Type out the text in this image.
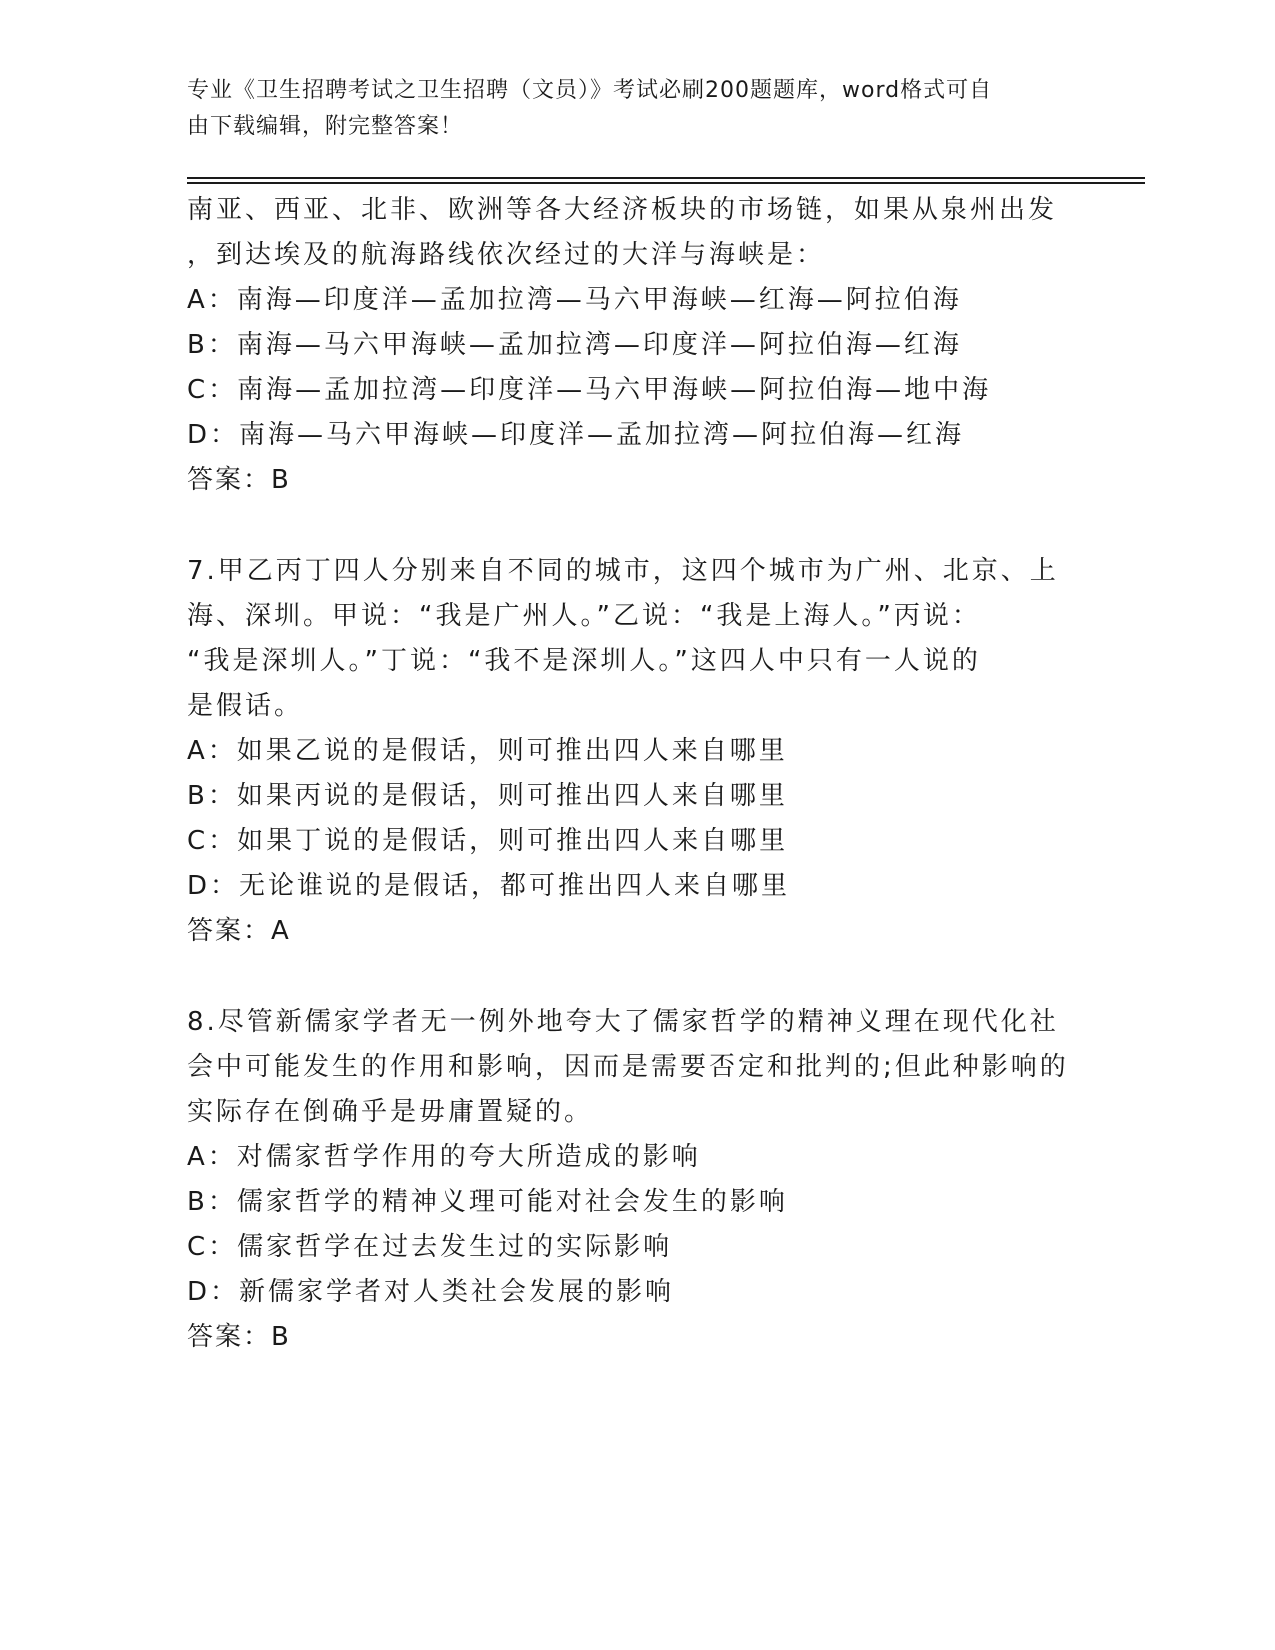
专业《卫生招聘考试之卫生招聘（文员）》考试必刷200题题库，word格式可自
由下载编辑，附完整答案！
南亚、西亚、北非、欧洲等各大经济板块的市场链，如果从泉州出发
，到达埃及的航海路线依次经过的大洋与海峡是：
A：南海—印度洋—孟加拉湾—马六甲海峡—红海—阿拉伯海
B：南海—马六甲海峡—孟加拉湾—印度洋—阿拉伯海—红海
C：南海—孟加拉湾—印度洋—马六甲海峡—阿拉伯海—地中海
D：南海—马六甲海峡—印度洋—孟加拉湾—阿拉伯海—红海
答案：B
7.甲乙丙丁四人分别来自不同的城市，这四个城市为广州、北京、上
海、深圳。甲说：“我是广州人。”乙说：“我是上海人。”丙说：
“我是深圳人。”丁说：“我不是深圳人。”这四人中只有一人说的
是假话。
A：如果乙说的是假话，则可推出四人来自哪里
B：如果丙说的是假话，则可推出四人来自哪里
C：如果丁说的是假话，则可推出四人来自哪里
D：无论谁说的是假话，都可推出四人来自哪里
答案：A
8.尽管新儒家学者无一例外地夸大了儒家哲学的精神义理在现代化社
会中可能发生的作用和影响，因而是需要否定和批判的;但此种影响的
实际存在倒确乎是毋庸置疑的。
A：对儒家哲学作用的夸大所造成的影响
B：儒家哲学的精神义理可能对社会发生的影响
C：儒家哲学在过去发生过的实际影响
D：新儒家学者对人类社会发展的影响
答案：B
